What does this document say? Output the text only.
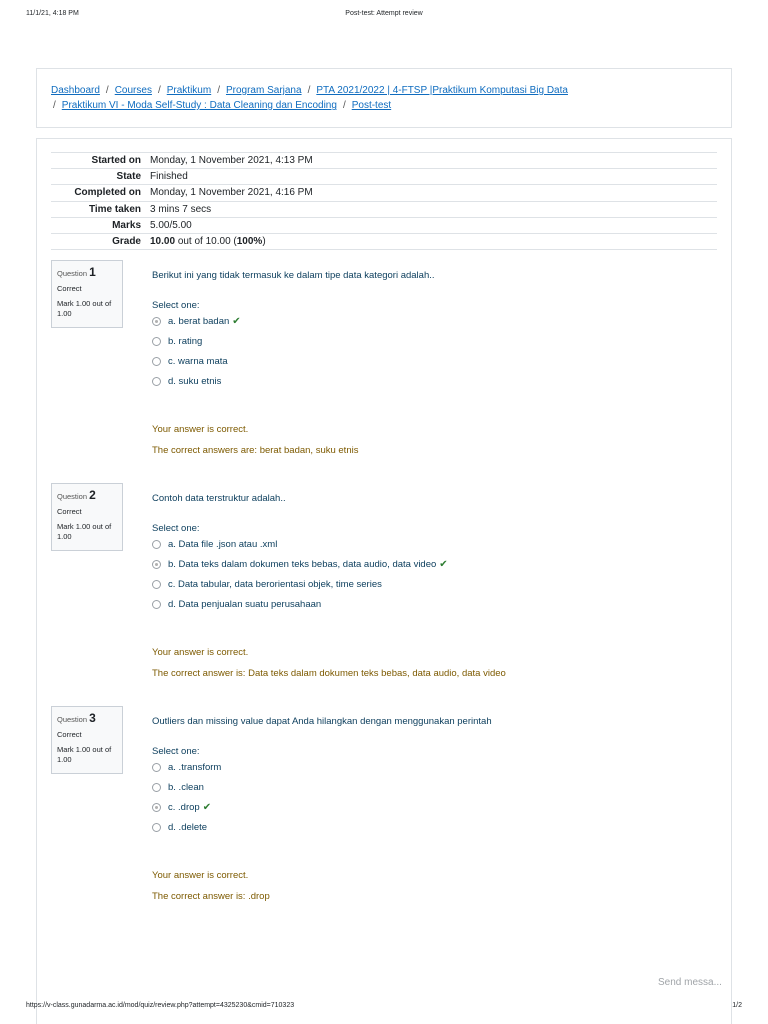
11/1/21, 4:18 PM	Post-test: Attempt review
Dashboard / Courses / Praktikum / Program Sarjana / PTA 2021/2022 | 4-FTSP |Praktikum Komputasi Big Data
/ Praktikum VI - Moda Self-Study : Data Cleaning dan Encoding / Post-test
Started on	Monday, 1 November 2021, 4:13 PM
State	Finished
Completed on	Monday, 1 November 2021, 4:16 PM
Time taken	3 mins 7 secs
Marks	5.00/5.00
Grade	10.00 out of 10.00 (100%)
Question 1
Correct
Mark 1.00 out of 1.00
Berikut ini yang tidak termasuk ke dalam tipe data kategori adalah..
Select one:
a. berat badan ✔
b. rating
c. warna mata
d. suku etnis
Your answer is correct.
The correct answers are: berat badan, suku etnis
Question 2
Correct
Mark 1.00 out of 1.00
Contoh data terstruktur adalah..
Select one:
a. Data file .json atau .xml
b. Data teks dalam dokumen teks bebas, data audio, data video ✔
c. Data tabular, data berorientasi objek, time series
d. Data penjualan suatu perusahaan
Your answer is correct.
The correct answer is: Data teks dalam dokumen teks bebas, data audio, data video
Question 3
Correct
Mark 1.00 out of 1.00
Outliers dan missing value dapat Anda hilangkan dengan menggunakan perintah
Select one:
a. .transform
b. .clean
c. .drop ✔
d. .delete
Your answer is correct.
The correct answer is: .drop
Send messa...
https://v-class.gunadarma.ac.id/mod/quiz/review.php?attempt=4325230&cmid=710323	1/2
